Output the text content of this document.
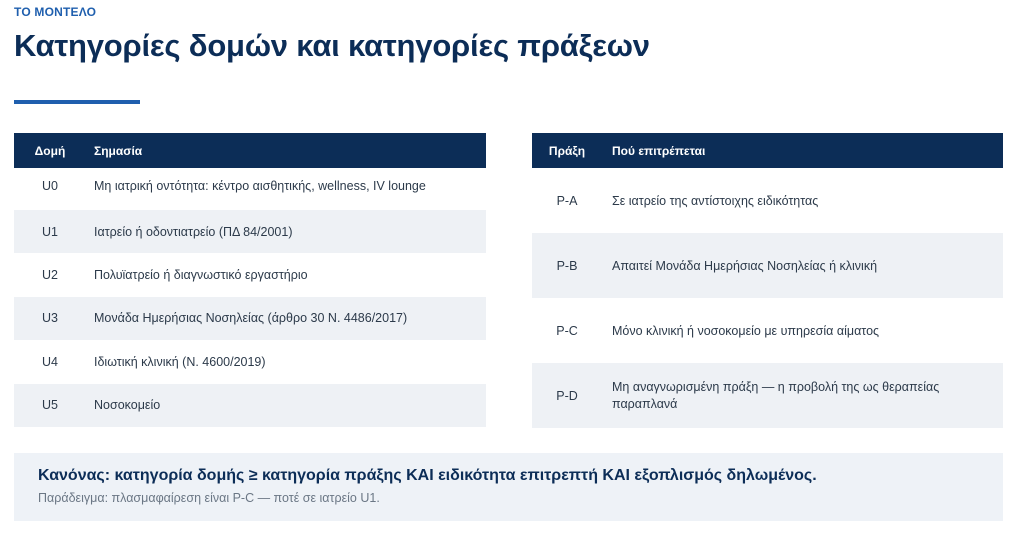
ΤΟ ΜΟΝΤΕΛΟ
Κατηγορίες δομών και κατηγορίες πράξεων
Δομή	Σημασία
U0	Μη ιατρική οντότητα: κέντρο αισθητικής, wellness, IV lounge
U1	Ιατρείο ή οδοντιατρείο (ΠΔ 84/2001)
U2	Πολυϊατρείο ή διαγνωστικό εργαστήριο
U3	Μονάδα Ημερήσιας Νοσηλείας (άρθρο 30 Ν. 4486/2017)
U4	Ιδιωτική κλινική (Ν. 4600/2019)
U5	Νοσοκομείο
Πράξη	Πού επιτρέπεται
P-A	Σε ιατρείο της αντίστοιχης ειδικότητας
P-B	Απαιτεί Μονάδα Ημερήσιας Νοσηλείας ή κλινική
P-C	Μόνο κλινική ή νοσοκομείο με υπηρεσία αίματος
P-D	Μη αναγνωρισμένη πράξη — η προβολή της ως θεραπείας παραπλανά
Κανόνας: κατηγορία δομής ≥ κατηγορία πράξης ΚΑΙ ειδικότητα επιτρεπτή ΚΑΙ εξοπλισμός δηλωμένος.
Παράδειγμα: πλασμαφαίρεση είναι P-C — ποτέ σε ιατρείο U1.
